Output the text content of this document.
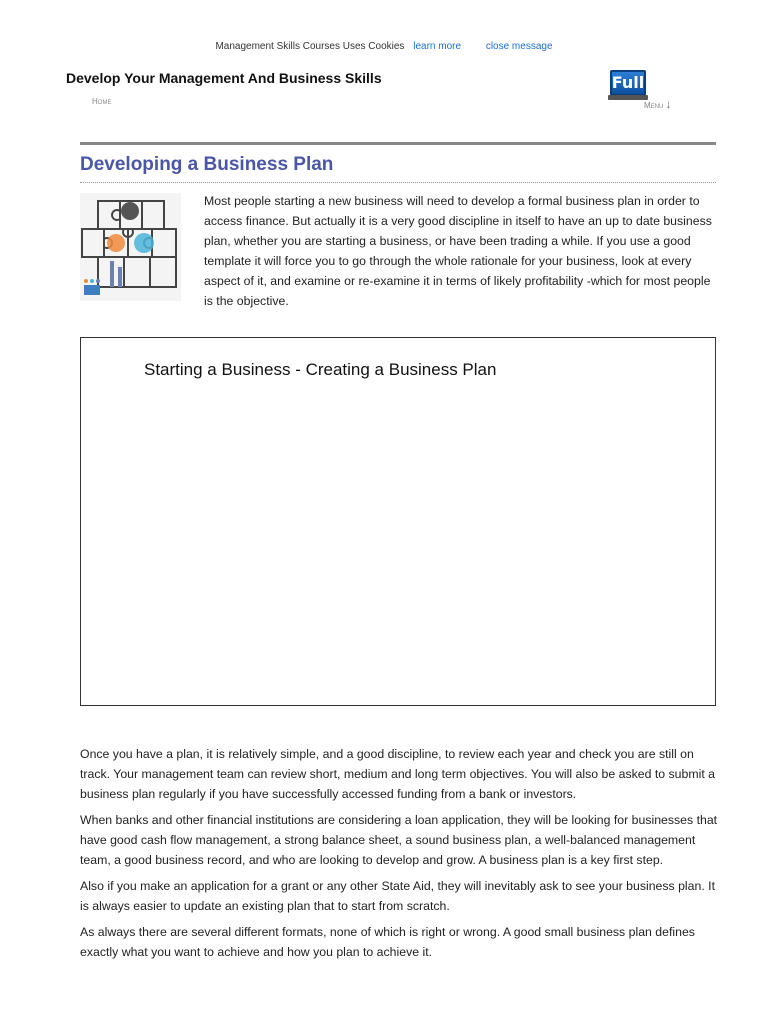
Management Skills Courses Uses Cookies learn more close message
Develop Your Management And Business Skills
Home
Full
Menu ↓
Developing a Business Plan
Most people starting a new business will need to develop a formal business plan in order to access finance. But actually it is a very good discipline in itself to have an up to date business plan, whether you are starting a business, or have been trading a while. If you use a good template it will force you to go through the whole rationale for your business, look at every aspect of it, and examine or re-examine it in terms of likely profitability -which for most people is the objective.
Starting a Business - Creating a Business Plan

Once you have a plan, it is relatively simple, and a good discipline, to review each year and check you are still on track. Your management team can review short, medium and long term objectives. You will also be asked to submit a business plan regularly if you have successfully accessed funding from a bank or investors.

When banks and other financial institutions are considering a loan application, they will be looking for businesses that have good cash flow management, a strong balance sheet, a sound business plan, a well-balanced management team, a good business record, and who are looking to develop and grow. A business plan is a key first step.

Also if you make an application for a grant or any other State Aid, they will inevitably ask to see your business plan. It is always easier to update an existing plan that to start from scratch.

As always there are several different formats, none of which is right or wrong. A good small business plan defines exactly what you want to achieve and how you plan to achieve it.
